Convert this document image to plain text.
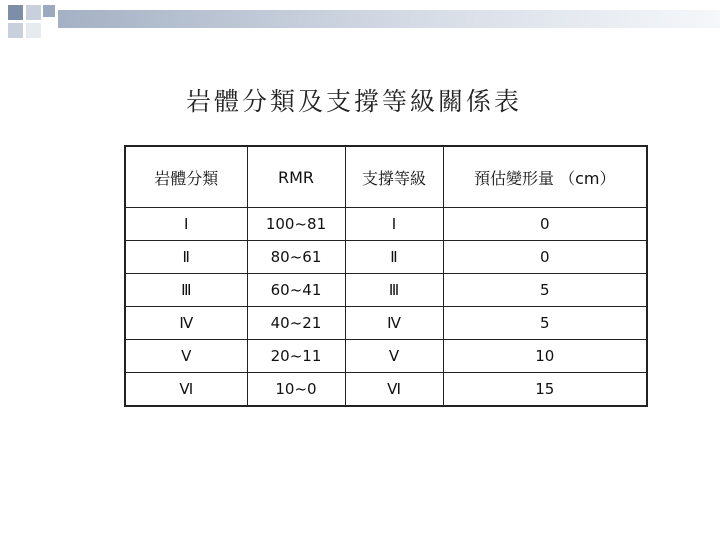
岩體分類及支撐等級關係表
岩體分類	RMR	支撐等級	預估變形量 （cm）
Ⅰ	100~81	Ⅰ	0
Ⅱ	80~61	Ⅱ	0
Ⅲ	60~41	Ⅲ	5
Ⅳ	40~21	Ⅳ	5
Ⅴ	20~11	Ⅴ	10
Ⅵ	10~0	Ⅵ	15
